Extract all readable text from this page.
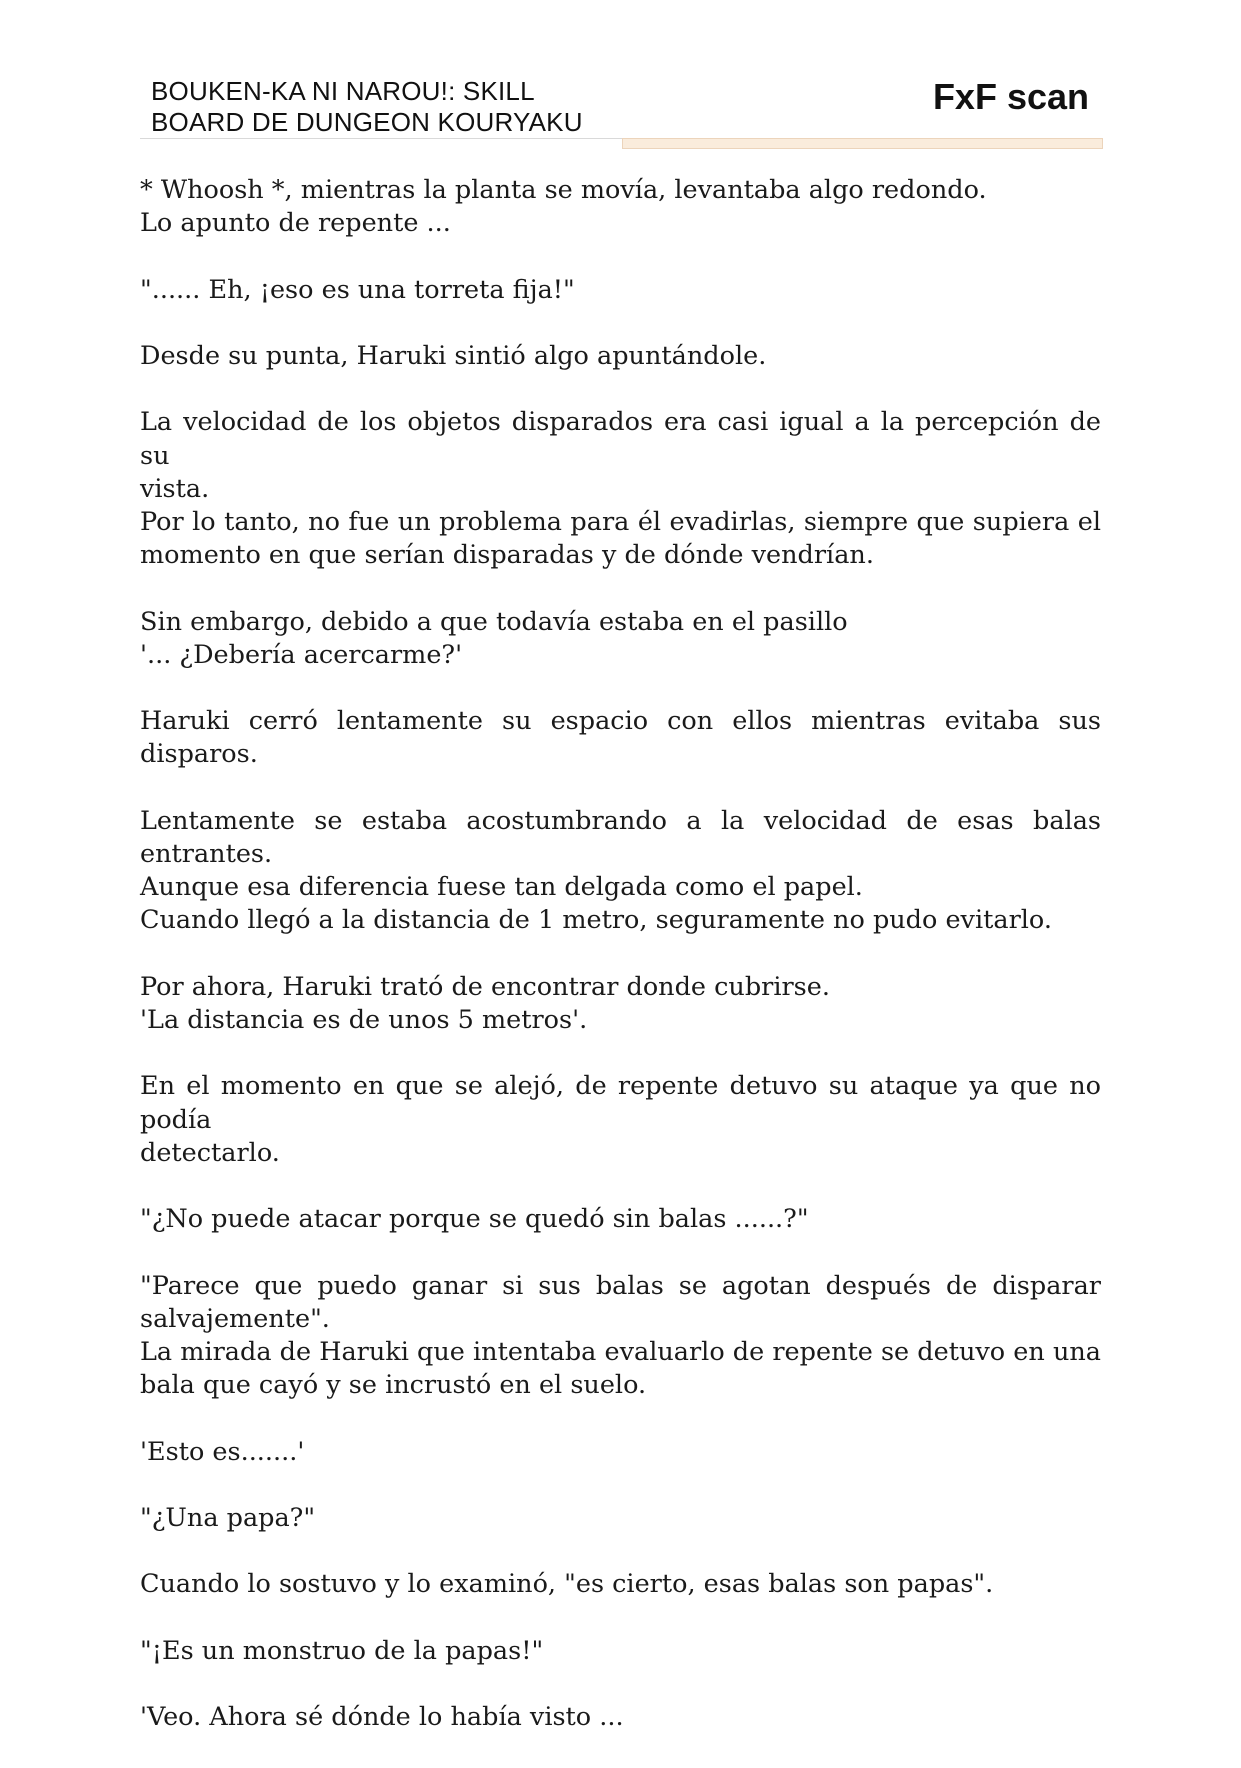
BOUKEN-KA NI NAROU!: SKILL
BOARD DE DUNGEON KOURYAKU
FxF scan

* Whoosh *, mientras la planta se movía, levantaba algo redondo.
Lo apunto de repente ...

"...... Eh, ¡eso es una torreta fija!"

Desde su punta, Haruki sintió algo apuntándole.

La velocidad de los objetos disparados era casi igual a la percepción de su
vista.
Por lo tanto, no fue un problema para él evadirlas, siempre que supiera el
momento en que serían disparadas y de dónde vendrían.

Sin embargo, debido a que todavía estaba en el pasillo
'... ¿Debería acercarme?'

Haruki cerró lentamente su espacio con ellos mientras evitaba sus disparos.

Lentamente se estaba acostumbrando a la velocidad de esas balas entrantes.
Aunque esa diferencia fuese tan delgada como el papel.
Cuando llegó a la distancia de 1 metro, seguramente no pudo evitarlo.

Por ahora, Haruki trató de encontrar donde cubrirse.
'La distancia es de unos 5 metros'.

En el momento en que se alejó, de repente detuvo su ataque ya que no podía
detectarlo.

"¿No puede atacar porque se quedó sin balas ......?"

"Parece que puedo ganar si sus balas se agotan después de disparar
salvajemente".
La mirada de Haruki que intentaba evaluarlo de repente se detuvo en una
bala que cayó y se incrustó en el suelo.

'Esto es.......'

"¿Una papa?"

Cuando lo sostuvo y lo examinó, "es cierto, esas balas son papas".

"¡Es un monstruo de la papas!"

'Veo. Ahora sé dónde lo había visto ...
